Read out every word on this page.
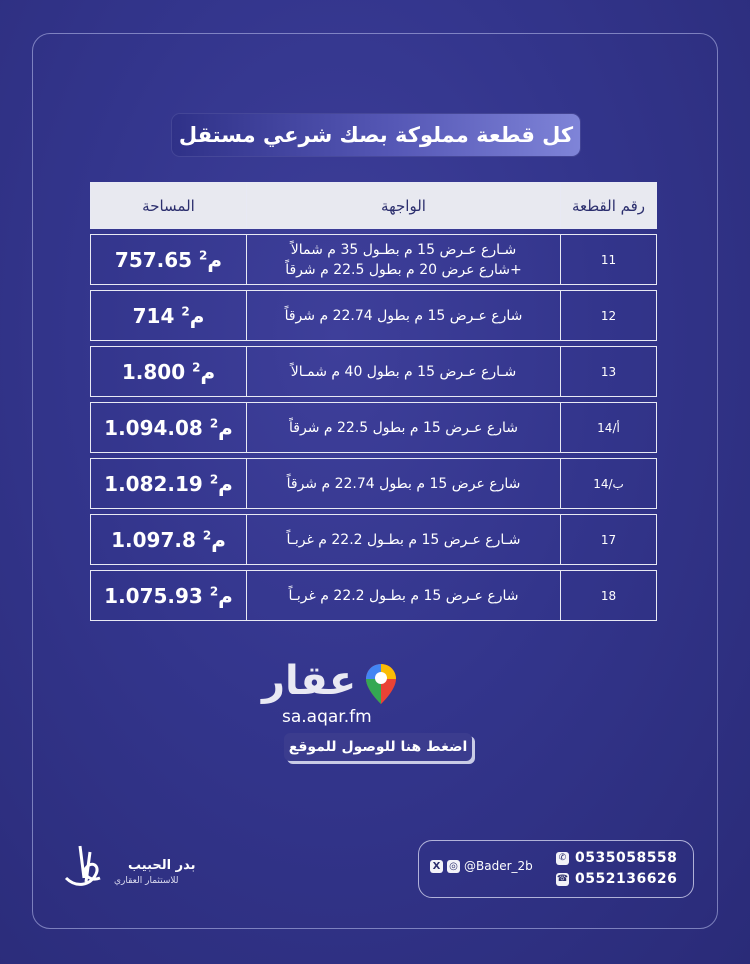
كل قطعة مملوكة بصك شرعي مستقل
المساحة	الواجهة	رقم القطعة

757.65 م$^2$	شـارع عـرض 15 م بطـول 35 م شمالاً
+شارع عرض 20 م بطول 22.5 م شرقاً	11

714 م$^2$	شارع عـرض 15 م بطول 22.74 م شرقاً	12

1.800 م$^2$	شـارع عـرض 15 م بطول 40 م شمـالاً	13

1.094.08 م$^2$	شارع عـرض 15 م بطول 22.5 م شرقاً	14/أ

1.082.19 م$^2$	شارع عرض 15 م بطول 22.74 م شرقاً	14/ب

1.097.8 م$^2$	شـارع عـرض 15 م بطـول 22.2 م غربـاً	17

1.075.93 م$^2$	شارع عـرض 15 م بطـول 22.2 م غربـاً	18
عقار
sa.aqar.fm
اضغط هنا للوصول للموقع
X ◎ @Bader_2b
✆ 0535058558
☎ 0552136626
بدر الحبيب
للاستثمار العقاري
